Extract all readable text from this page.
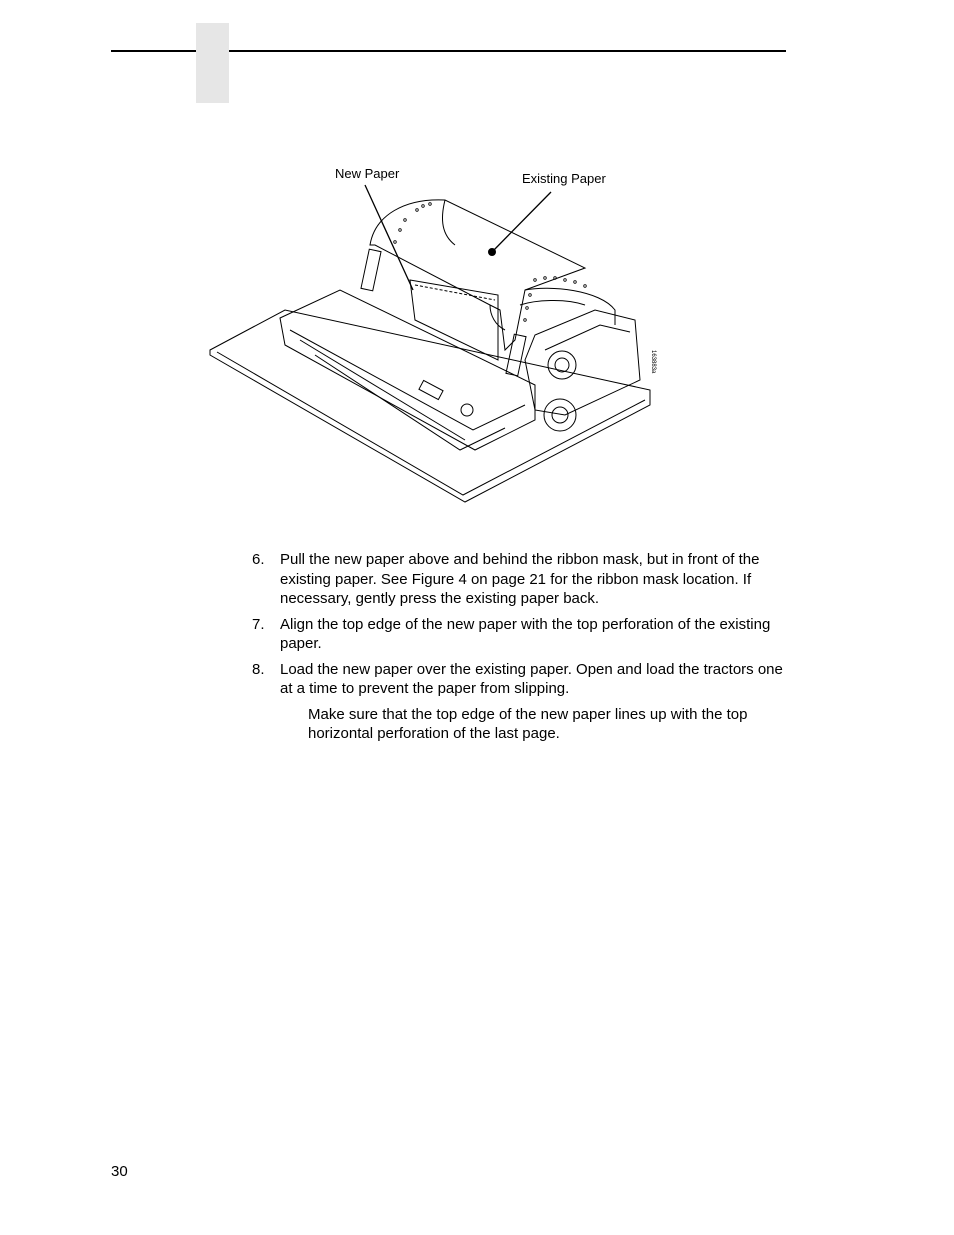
163883a
New Paper	Existing Paper
6. Pull the new paper above and behind the ribbon mask, but in front of the existing paper. See Figure 4 on page 21 for the ribbon mask location. If necessary, gently press the existing paper back.
7. Align the top edge of the new paper with the top perforation of the existing paper.
8. Load the new paper over the existing paper. Open and load the tractors one at a time to prevent the paper from slipping.
Make sure that the top edge of the new paper lines up with the top horizontal perforation of the last page.
30
